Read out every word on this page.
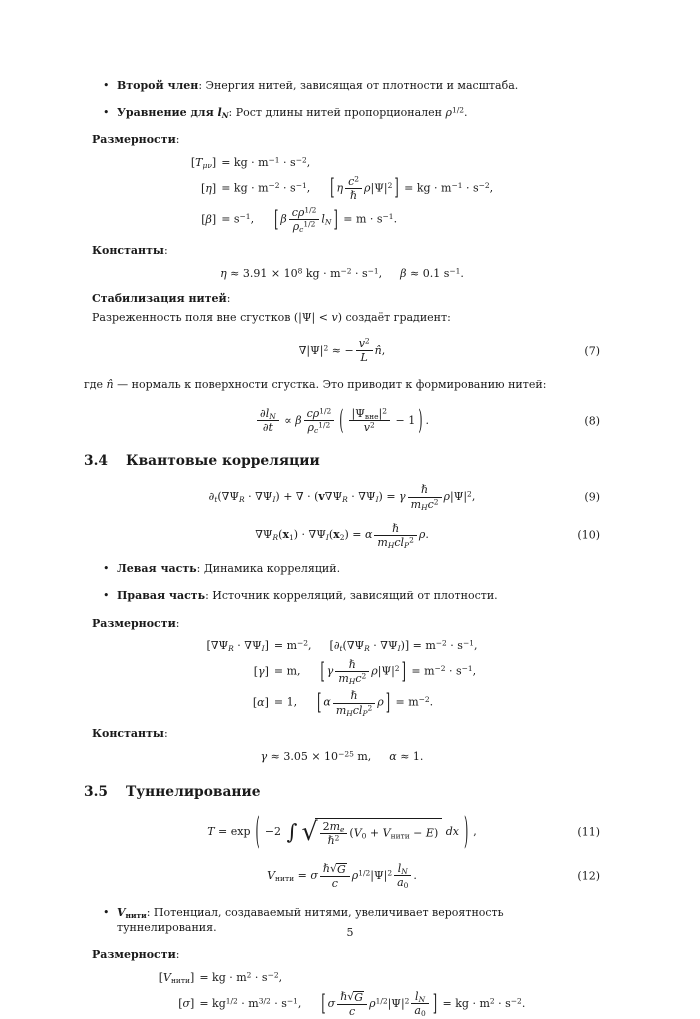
• Второй член: Энергия нитей, зависящая от плотности и масштаба.
• Уравнение для $l_N$: Рост длины нитей пропорционален $\rho^{1/2}$.
Размерности:
$[T_{\mu\nu}]$ = kg · $m^{-1} \cdot s^{-2}$,
[η] = kg · $m^{-2} \cdot s^{-1}$, [ η
$c^2$
ℏ
$\rho|\Psi|^2$ ] = kg · $m^{-1} \cdot s^{-2}$,
$[\beta] = s^{-1}$, [ β $\frac{c\rho^{1/2}}{\rho_c^{1/2}} l_N$ ] = $m \cdot s^{-1}$.
Константы:
$\eta \approx 3.91 \times 10^8$ kg · $m^{-2} \cdot s^{-1}$, β ≈ 0.1 $s^{-1}$.
Стабилизация нитей:
Разреженность поля вне сгустков (|Ψ| < v) создаёт градиент:
$\nabla|\Psi|^2$ ≈ − $\frac{v^2}{L}$ n̂,	(7)
где n̂ — нормаль к поверхности сгустка. Это приводит к формированию нитей:
$\frac{\partial l_N}{\partial t} \propto \beta \frac{c\rho^{1/2}}{\rho_c^{1/2}}$ ( $|\Psi_{вне}|^2$
$v^2$	− 1 ) .	(8)
3.4 Квантовые корреляции
$\partial_t(\nabla\Psi_R \cdot \nabla\Psi_I)$ + ∇ · $(v\nabla\Psi_R \cdot \nabla\Psi_I) = \gamma$
ℏ
$m_Hc^2$ $\rho|\Psi|^2$,	(9)
$\nabla\Psi_R(x_1) \cdot \nabla\Psi_I(x_2) = \alpha$
ℏ
$m_Hcl_P^2$ ρ.	(10)
• Левая часть: Динамика корреляций.
• Правая часть: Источник корреляций, зависящий от плотности.
Размерности:
$[\nabla\Psi_R \cdot \nabla\Psi_I] = m^{-2}$, $[\partial_t(\nabla\Psi_R \cdot \nabla\Psi_I)] = m^{-2} \cdot s^{-1}$,
[γ] = m, [ γ
ℏ
$m_Hc^2$ $\rho|\Psi|^2$ ] = $m^{-2} \cdot s^{-1}$,
[α] = 1, [ α
ℏ
$m_Hcl_P^2$ ρ ] = $m^{-2}$.
Константы:
$\gamma \approx 3.05 \times 10^{-25}$ m, α ≈ 1.
3.5 Туннелирование
T = exp ( −2 ∫ √ $2m_e$
ℏ$^2$ $(V_0 + V_{нити} - E)$ dx ) ,	(11)
$V_{нити} = \sigma$
ℏ √ G
c
$\rho^{1/2}|\Psi|^2 \frac{l_N}{a_0}$ .	(12)
• $V_{нити}$: Потенциал, создаваемый нитями, увеличивает вероятность туннелирования.
Размерности:
$[V_{нити}]$ = kg · $m^2 \cdot s^{-2}$,
$[\sigma] = kg^{1/2} \cdot m^{3/2} \cdot s^{-1}$, [ σ
ℏ √ G
c
$\rho^{1/2}|\Psi|^2 \frac{l_N}{a_0}$ ] = kg · $m^2 \cdot s^{-2}$.
5
